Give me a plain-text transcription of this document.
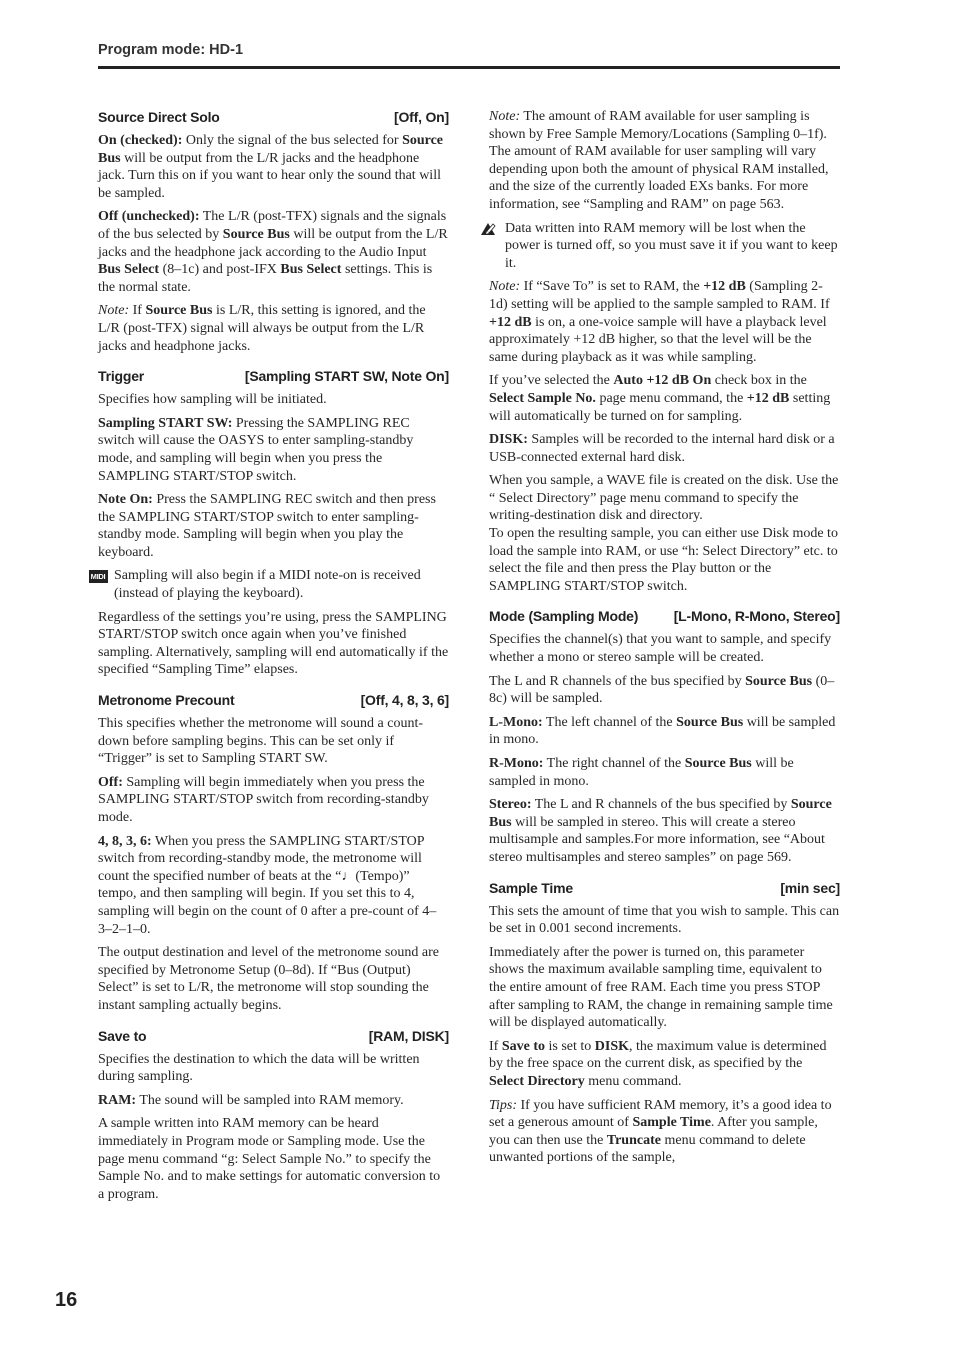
Program mode: HD-1
Source Direct Solo	[Off, On]

On (checked): Only the signal of the bus selected for Source Bus will be output from the L/R jacks and the headphone jack. Turn this on if you want to hear only the sound that will be sampled.

Off (unchecked): The L/R (post-TFX) signals and the signals of the bus selected by Source Bus will be output from the L/R jacks and the headphone jack according to the Audio Input Bus Select (8–1c) and post-IFX Bus Select settings. This is the normal state.

Note: If Source Bus is L/R, this setting is ignored, and the L/R (post-TFX) signal will always be output from the L/R jacks and headphone jacks.

Trigger	[Sampling START SW, Note On]

Specifies how sampling will be initiated.

Sampling START SW: Pressing the SAMPLING REC switch will cause the OASYS to enter sampling-standby mode, and sampling will begin when you press the SAMPLING START/STOP switch.

Note On: Press the SAMPLING REC switch and then press the SAMPLING START/STOP switch to enter sampling-standby mode. Sampling will begin when you play the keyboard.

MIDI Sampling will also begin if a MIDI note-on is received (instead of playing the keyboard).

Regardless of the settings you’re using, press the SAMPLING START/STOP switch once again when you’ve finished sampling. Alternatively, sampling will end automatically if the specified “Sampling Time” elapses.

Metronome Precount	[Off, 4, 8, 3, 6]

This specifies whether the metronome will sound a count-down before sampling begins. This can be set only if “Trigger” is set to Sampling START SW.

Off: Sampling will begin immediately when you press the SAMPLING START/STOP switch from recording-standby mode.

4, 8, 3, 6: When you press the SAMPLING START/STOP switch from recording-standby mode, the metronome will count the specified number of beats at the “♩(Tempo)” tempo, and then sampling will begin. If you set this to 4, sampling will begin on the count of 0 after a pre-count of 4–3–2–1–0.

The output destination and level of the metronome sound are specified by Metronome Setup (0–8d). If “Bus (Output) Select” is set to L/R, the metronome will stop sounding the instant sampling actually begins.

Save to	[RAM, DISK]

Specifies the destination to which the data will be written during sampling.

RAM: The sound will be sampled into RAM memory.

A sample written into RAM memory can be heard immediately in Program mode or Sampling mode. Use the page menu command “g: Select Sample No.” to specify the Sample No. and to make settings for automatic conversion to a program.

Note: The amount of RAM available for user sampling is shown by Free Sample Memory/Locations (Sampling 0–1f). The amount of RAM available for user sampling will vary depending upon both the amount of physical RAM installed, and the size of the currently loaded EXs banks. For more information, see “Sampling and RAM” on page 563.

Data written into RAM memory will be lost when the power is turned off, so you must save it if you want to keep it.

Note: If “Save To” is set to RAM, the +12 dB (Sampling 2-1d) setting will be applied to the sample sampled to RAM. If +12 dB is on, a one-voice sample will have a playback level approximately +12 dB higher, so that the level will be the same during playback as it was while sampling.

If you’ve selected the Auto +12 dB On check box in the Select Sample No. page menu command, the +12 dB setting will automatically be turned on for sampling.

DISK: Samples will be recorded to the internal hard disk or a USB-connected external hard disk.

When you sample, a WAVE file is created on the disk. Use the “ Select Directory” page menu command to specify the writing-destination disk and directory.

To open the resulting sample, you can either use Disk mode to load the sample into RAM, or use “h: Select Directory” etc. to select the file and then press the Play button or the SAMPLING START/STOP switch.

Mode (Sampling Mode)	[L-Mono, R-Mono, Stereo]

Specifies the channel(s) that you want to sample, and specify whether a mono or stereo sample will be created.

The L and R channels of the bus specified by Source Bus (0–8c) will be sampled.

L-Mono: The left channel of the Source Bus will be sampled in mono.

R-Mono: The right channel of the Source Bus will be sampled in mono.

Stereo: The L and R channels of the bus specified by Source Bus will be sampled in stereo. This will create a stereo multisample and samples.For more information, see “About stereo multisamples and stereo samples” on page 569.

Sample Time	[min sec]

This sets the amount of time that you wish to sample. This can be set in 0.001 second increments.

Immediately after the power is turned on, this parameter shows the maximum available sampling time, equivalent to the entire amount of free RAM. Each time you press STOP after sampling to RAM, the change in remaining sample time will be displayed automatically.

If Save to is set to DISK, the maximum value is determined by the free space on the current disk, as specified by the Select Directory menu command.

Tips: If you have sufficient RAM memory, it’s a good idea to set a generous amount of Sample Time. After you sample, you can then use the Truncate menu command to delete unwanted portions of the sample,

16
